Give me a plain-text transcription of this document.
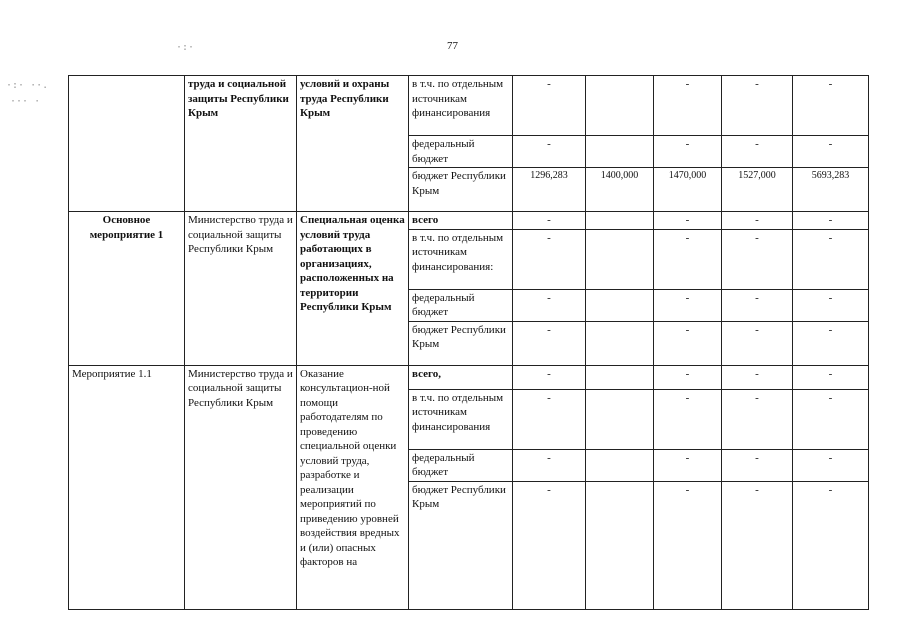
77
·:·
·:· ··.
··· ·
	труда и социальной защиты Республики Крым	условий и охраны труда Республики Крым	в т.ч. по отдельным источникам финансирования	-		-	-	-
			федеральный бюджет	-		-	-	-
			бюджет Республики Крым	1296,283	1400,000	1470,000	1527,000	5693,283
Основное мероприятие 1	Министерство труда и социальной защиты Республики Крым	Специальная оценка условий труда работающих в организациях, расположенных на территории Республики Крым	всего	-		-	-	-
			в т.ч. по отдельным источникам финансирования:	-		-	-	-
			федеральный бюджет	-		-	-	-
			бюджет Республики Крым	-		-	-	-
Мероприятие 1.1	Министерство труда и социальной защиты Республики Крым	Оказание консультацион-ной помощи работодателям по проведению специальной оценки условий труда, разработке и реализации мероприятий по приведению уровней воздействия вредных и (или) опасных факторов на	всего,	-		-	-	-
			в т.ч. по отдельным источникам финансирования	-		-	-	-
			федеральный бюджет	-		-	-	-
			бюджет Республики Крым	-		-	-	-
